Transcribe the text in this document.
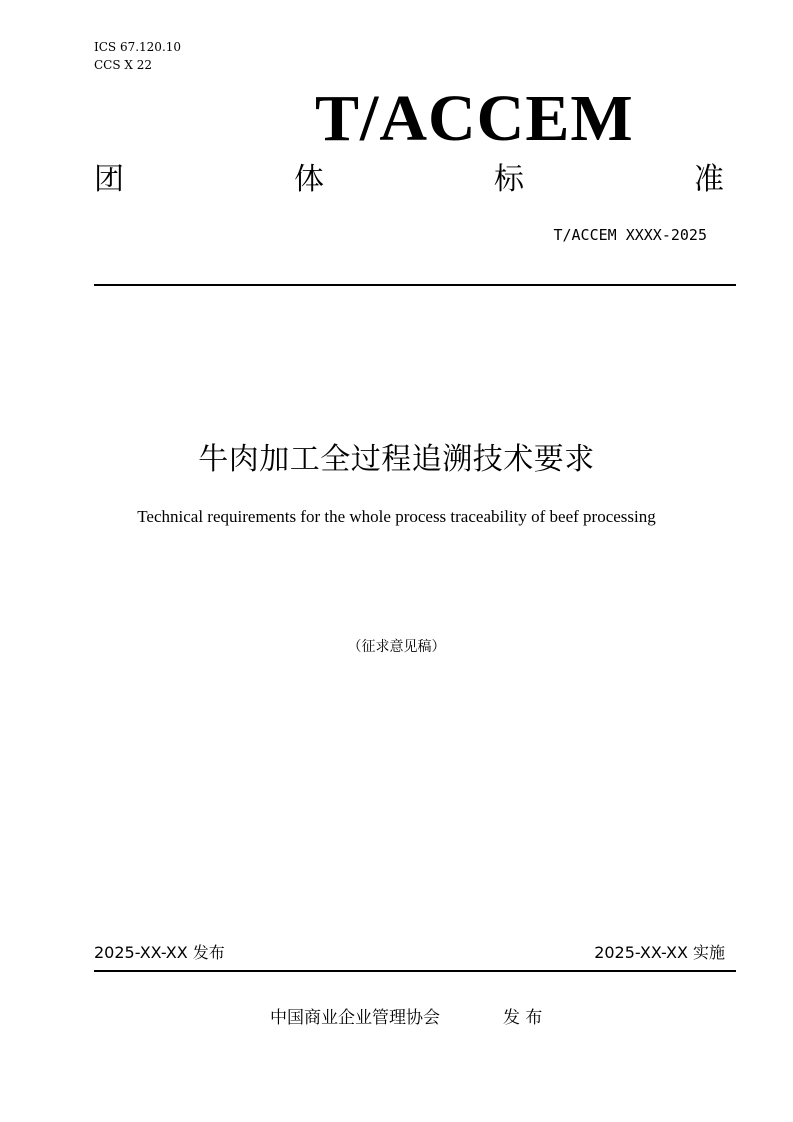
ICS 67.120.10
CCS X 22
T/ACCEM
团	体	标	准
T/ACCEM XXXX-2025
牛肉加工全过程追溯技术要求
Technical requirements for the whole process traceability of beef processing
（征求意见稿）
2025-XX-XX 发布	2025-XX-XX 实施
中国商业企业管理协会	发 布
